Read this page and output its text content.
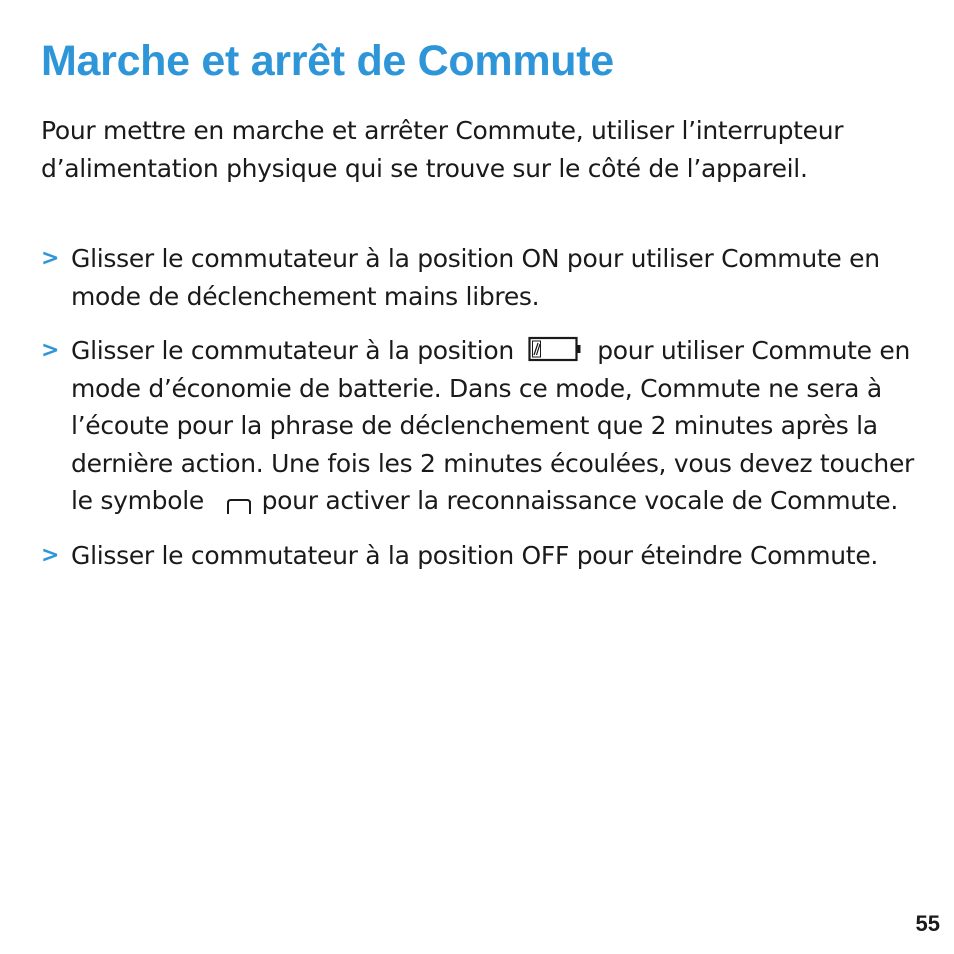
Marche et arrêt de Commute

Pour mettre en marche et arrêter Commute, utiliser l’interrupteur d’alimentation physique qui se trouve sur le côté de l’appareil.

> Glisser le commutateur à la position ON pour utiliser Commute en mode de déclenchement mains libres.
> Glisser le commutateur à la position	pour utiliser Commute en mode d’économie de batterie. Dans ce mode, Commute ne sera à l’écoute pour la phrase de déclenchement que 2 minutes après la dernière action. Une fois les 2 minutes écoulées, vous devez toucher le symbole pour activer la reconnaissance vocale de Commute.
> Glisser le commutateur à la position OFF pour éteindre Commute.
55
